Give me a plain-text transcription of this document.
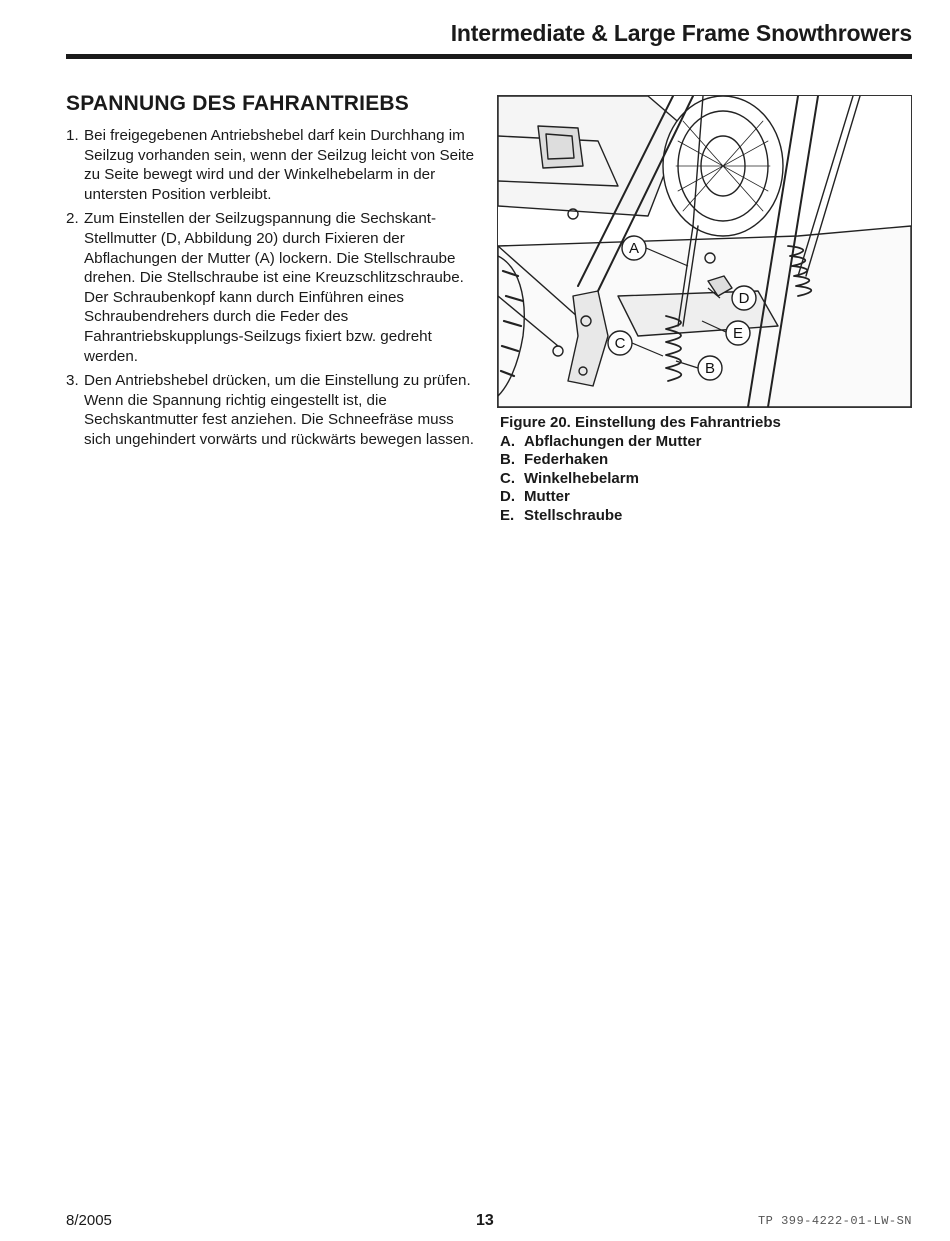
Intermediate & Large Frame Snowthrowers
SPANNUNG DES FAHRANTRIEBS
1. Bei freigegebenen Antriebshebel darf kein Durchhang im Seilzug vorhanden sein, wenn der Seilzug leicht von Seite zu Seite bewegt wird und der Winkelhebelarm in der untersten Position verbleibt.
2. Zum Einstellen der Seilzugspannung die Sechskant-Stellmutter (D, Abbildung 20) durch Fixieren der Abflachungen der Mutter (A) lockern. Die Stellschraube drehen. Die Stellschraube ist eine Kreuzschlitzschraube. Der Schraubenkopf kann durch Einführen eines Schraubendrehers durch die Feder des Fahrantriebskupplungs-Seilzugs fixiert bzw. gedreht werden.
3. Den Antriebshebel drücken, um die Einstellung zu prüfen. Wenn die Spannung richtig eingestellt ist, die Sechskantmutter fest anziehen. Die Schneefräse muss sich ungehindert vorwärts und rückwärts bewegen lassen.
A
B
C
D
E
Figure 20. Einstellung des Fahrantriebs
A. Abflachungen der Mutter
B. Federhaken
C. Winkelhebelarm
D. Mutter
E. Stellschraube
8/2005	13	TP 399-4222-01-LW-SN
